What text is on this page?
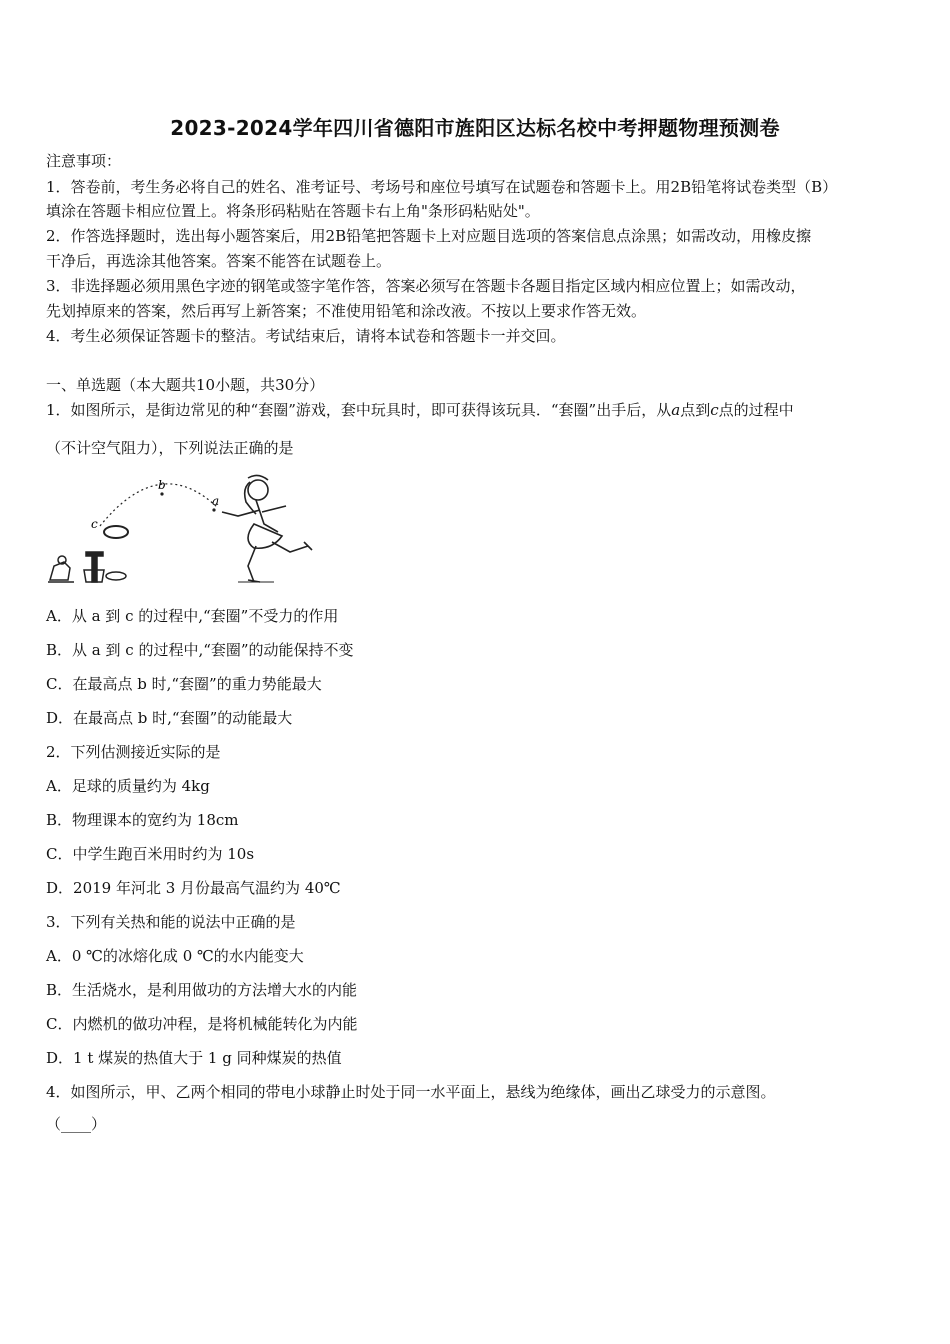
2023-2024学年四川省德阳市旌阳区达标名校中考押题物理预测卷
注意事项：
1．答卷前，考生务必将自己的姓名、准考证号、考场号和座位号填写在试题卷和答题卡上。用2B铅笔将试卷类型（B）
填涂在答题卡相应位置上。将条形码粘贴在答题卡右上角"条形码粘贴处"。
2．作答选择题时，选出每小题答案后，用2B铅笔把答题卡上对应题目选项的答案信息点涂黑；如需改动，用橡皮擦
干净后，再选涂其他答案。答案不能答在试题卷上。
3．非选择题必须用黑色字迹的钢笔或签字笔作答，答案必须写在答题卡各题目指定区域内相应位置上；如需改动，
先划掉原来的答案，然后再写上新答案；不准使用铅笔和涂改液。不按以上要求作答无效。
4．考生必须保证答题卡的整洁。考试结束后，请将本试卷和答题卡一并交回。
一、单选题（本大题共10小题，共30分）
1．如图所示，是街边常见的种“套圈”游戏，套中玩具时，即可获得该玩具．“套圈”出手后，从a点到c点的过程中
（不计空气阻力），下列说法正确的是
c
b
a
A．从 a 到 c 的过程中,“套圈”不受力的作用
B．从 a 到 c 的过程中,“套圈”的动能保持不变
C．在最高点 b 时,“套圈”的重力势能最大
D．在最高点 b 时,“套圈”的动能最大
2．下列估测接近实际的是
A．足球的质量约为 4kg
B．物理课本的宽约为 18cm
C．中学生跑百米用时约为 10s
D．2019 年河北 3 月份最高气温约为 40℃
3．下列有关热和能的说法中正确的是
A．0 ℃的冰熔化成 0 ℃的水内能变大
B．生活烧水，是利用做功的方法增大水的内能
C．内燃机的做功冲程，是将机械能转化为内能
D．1 t 煤炭的热值大于 1 g 同种煤炭的热值
4．如图所示，甲、乙两个相同的带电小球静止时处于同一水平面上，悬线为绝缘体，画出乙球受力的示意图。
（____）
